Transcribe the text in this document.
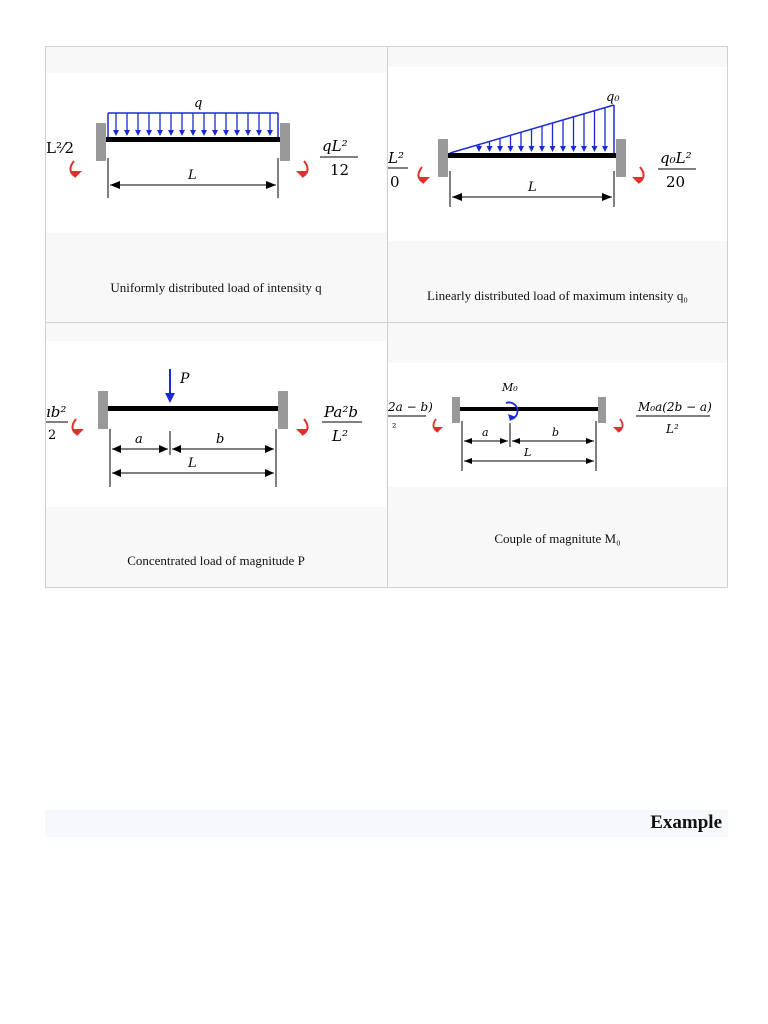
q
L
L²⁄2	qL²
12
Uniformly distributed load of intensity q
q₀
L
L²
0
q₀L²
20
Linearly distributed load of maximum intensity q₀
P
a	b
L
ıb²
2
Pa²b
L²
Concentrated load of magnitude P
M₀
a	b
L
2a − b)
²
M₀a(2b − a)
L²
Couple of magnitute M₀
Example
